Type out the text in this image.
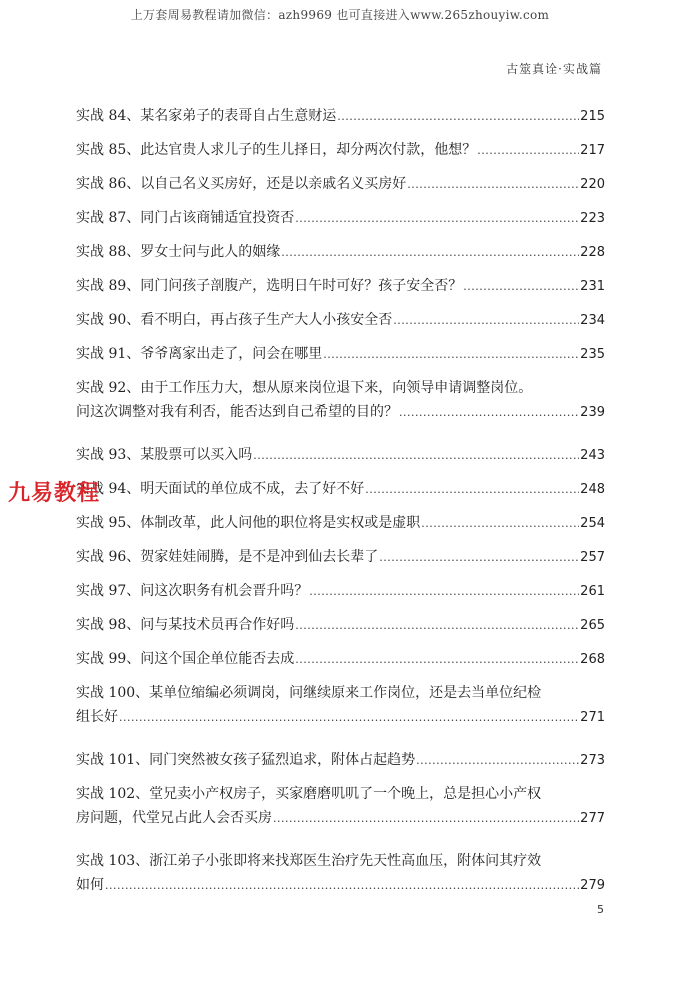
上万套周易教程请加微信：azh9969 也可直接进入www.265zhouyiw.com
古筮真诠·实战篇
实战 84、某名家弟子的表哥自占生意财运 .....	215
实战 85、此达官贵人求儿子的生儿择日，却分两次付款，他想？ .....	217
实战 86、以自己名义买房好，还是以亲戚名义买房好 .....	220
实战 87、同门占该商铺适宜投资否 .....	223
实战 88、罗女士问与此人的姻缘 .....	228
实战 89、同门问孩子剖腹产，选明日午时可好？孩子安全否？ .....	231
实战 90、看不明白，再占孩子生产大人小孩安全否 .....	234
实战 91、爷爷离家出走了，问会在哪里 .....	235
实战 92、由于工作压力大，想从原来岗位退下来，向领导申请调整岗位。
问这次调整对我有利否，能否达到自己希望的目的？ .....	239
实战 93、某股票可以买入吗 .....	243
实战 94、明天面试的单位成不成，去了好不好 .....	248
实战 95、体制改革，此人问他的职位将是实权或是虚职 .....	254
实战 96、贺家娃娃闹腾，是不是冲到仙去长辈了 .....	257
实战 97、问这次职务有机会晋升吗？ .....	261
实战 98、问与某技术员再合作好吗 .....	265
实战 99、问这个国企单位能否去成 .....	268
实战 100、某单位缩编必须调岗，问继续原来工作岗位，还是去当单位纪检
组长好 .....	271
实战 101、同门突然被女孩子猛烈追求，附体占起趋势 .....	273
实战 102、堂兄卖小产权房子，买家磨磨叽叽了一个晚上，总是担心小产权
房问题，代堂兄占此人会否买房 .....	277
实战 103、浙江弟子小张即将来找郑医生治疗先天性高血压，附体问其疗效
如何 .....	279
九易教程
5
